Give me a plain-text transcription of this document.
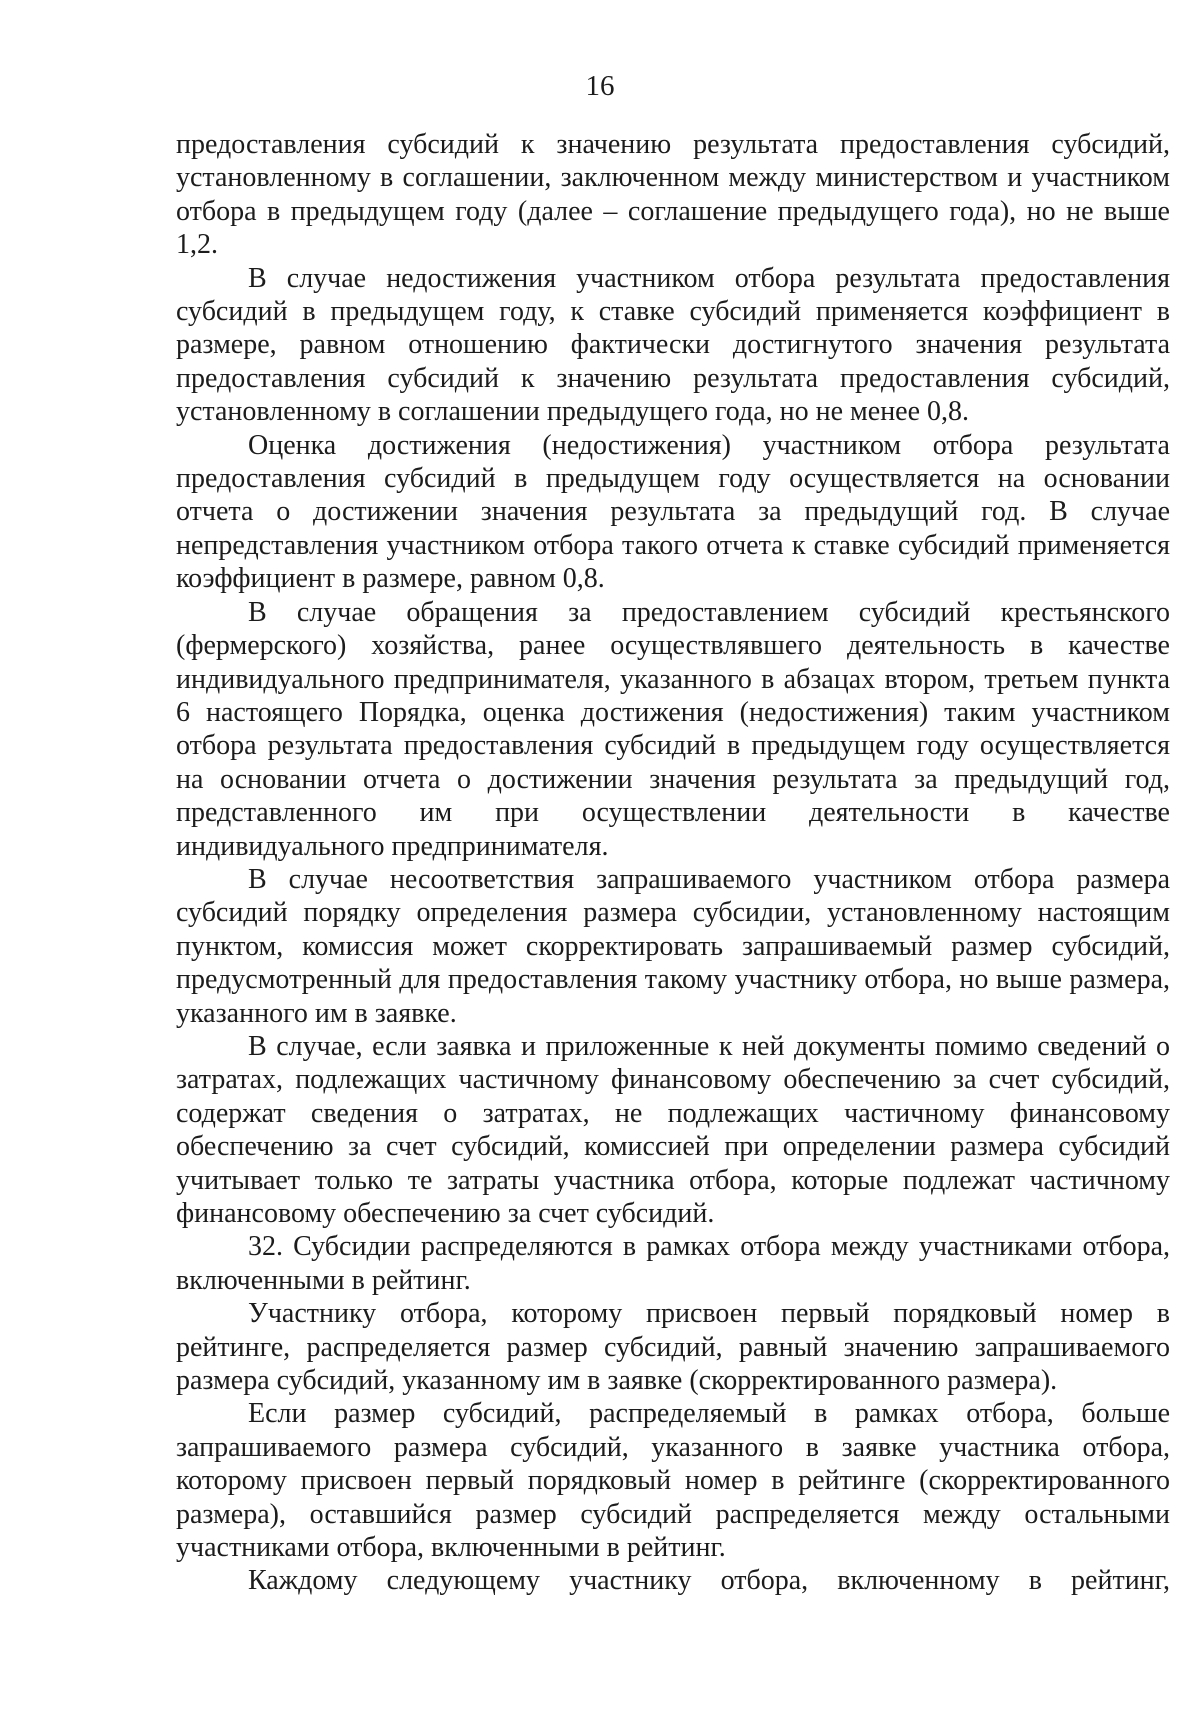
16

предоставления субсидий к значению результата предоставления субсидий, установленному в соглашении, заключенном между министерством и участником отбора в предыдущем году (далее – соглашение предыдущего года), но не выше 1,2.

В случае недостижения участником отбора результата предоставления субсидий в предыдущем году, к ставке субсидий применяется коэффициент в размере, равном отношению фактически достигнутого значения результата предоставления субсидий к значению результата предоставления субсидий, установленному в соглашении предыдущего года, но не менее 0,8.

Оценка достижения (недостижения) участником отбора результата предоставления субсидий в предыдущем году осуществляется на основании отчета о достижении значения результата за предыдущий год. В случае непредставления участником отбора такого отчета к ставке субсидий применяется коэффициент в размере, равном 0,8.

В случае обращения за предоставлением субсидий крестьянского (фермерского) хозяйства, ранее осуществлявшего деятельность в качестве индивидуального предпринимателя, указанного в абзацах втором, третьем пункта 6 настоящего Порядка, оценка достижения (недостижения) таким участником отбора результата предоставления субсидий в предыдущем году осуществляется на основании отчета о достижении значения результата за предыдущий год, представленного им при осуществлении деятельности в качестве индивидуального предпринимателя.

В случае несоответствия запрашиваемого участником отбора размера субсидий порядку определения размера субсидии, установленному настоящим пунктом, комиссия может скорректировать запрашиваемый размер субсидий, предусмотренный для предоставления такому участнику отбора, но выше размера, указанного им в заявке.

В случае, если заявка и приложенные к ней документы помимо сведений о затратах, подлежащих частичному финансовому обеспечению за счет субсидий, содержат сведения о затратах, не подлежащих частичному финансовому обеспечению за счет субсидий, комиссией при определении размера субсидий учитывает только те затраты участника отбора, которые подлежат частичному финансовому обеспечению за счет субсидий.

32. Субсидии распределяются в рамках отбора между участниками отбора, включенными в рейтинг.

Участнику отбора, которому присвоен первый порядковый номер в рейтинге, распределяется размер субсидий, равный значению запрашиваемого размера субсидий, указанному им в заявке (скорректированного размера).

Если размер субсидий, распределяемый в рамках отбора, больше запрашиваемого размера субсидий, указанного в заявке участника отбора, которому присвоен первый порядковый номер в рейтинге (скорректированного размера), оставшийся размер субсидий распределяется между остальными участниками отбора, включенными в рейтинг.

Каждому следующему участнику отбора, включенному в рейтинг,
